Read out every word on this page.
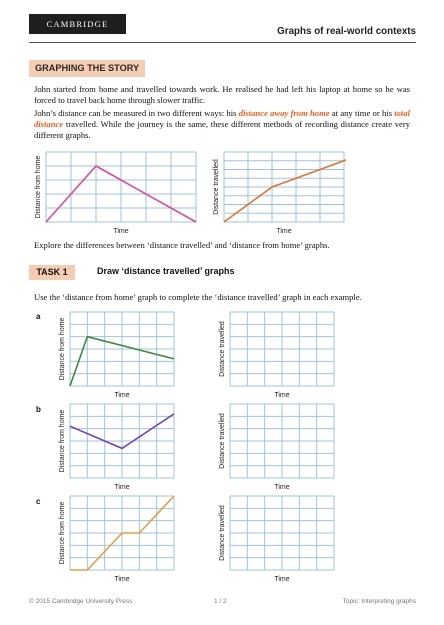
CAMBRIDGE
Graphs of real-world contexts
GRAPHING THE STORY
John started from home and travelled towards work. He realised he had left his laptop at home so he was forced to travel back home through slower traffic.
John’s distance can be measured in two different ways: his distance away from home at any time or his total distance travelled. While the journey is the same, these different methods of recording distance create very different graphs.
Distance from home
Time
Distance travelled
Time
Explore the differences between ‘distance travelled’ and ‘distance from home’ graphs.
TASK 1	Draw ‘distance travelled’ graphs
Use the ‘distance from home’ graph to complete the ‘distance travelled’ graph in each example.
a
Distance from home
Time
Distance travelled
Time
b
Distance from home
Time
Distance travelled
Time
c
Distance from home
Time
Distance travelled
Time
© 2015 Cambridge University Press	1 / 2	Topic: Interpreting graphs
